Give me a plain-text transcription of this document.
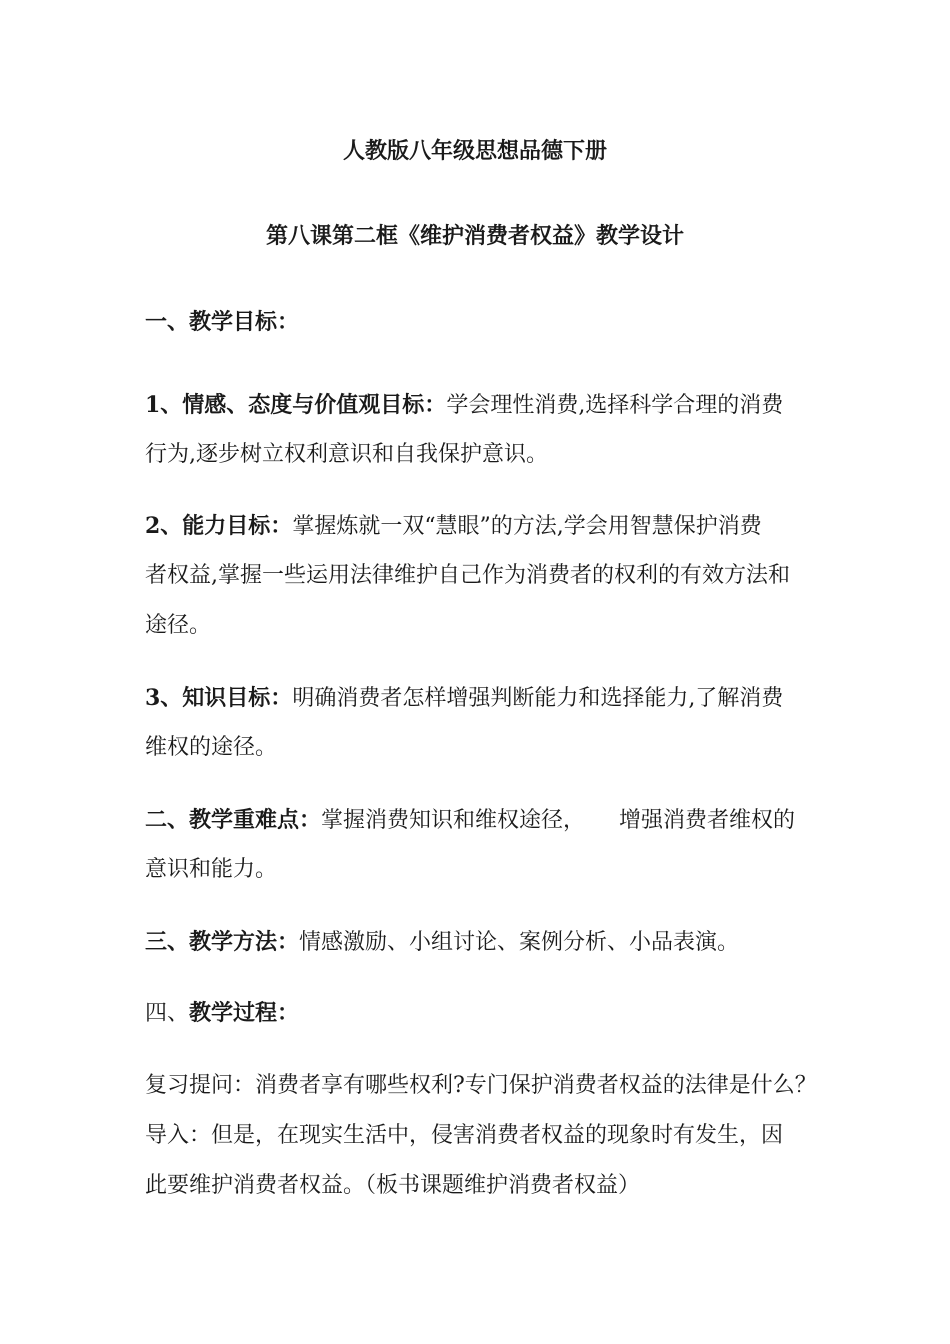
人教版八年级思想品德下册
第八课第二框《维护消费者权益》教学设计
一、教学目标：
1、情感、态度与价值观目标：学会理性消费,选择科学合理的消费
行为,逐步树立权利意识和自我保护意识。
2、能力目标：掌握炼就一双“慧眼”的方法,学会用智慧保护消费
者权益,掌握一些运用法律维护自己作为消费者的权利的有效方法和
途径。
3、知识目标：明确消费者怎样增强判断能力和选择能力,了解消费
维权的途径。
二、教学重难点：掌握消费知识和维权途径， 增强消费者维权的
意识和能力。
三、教学方法：情感激励、小组讨论、案例分析、小品表演。
四、教学过程：
复习提问：消费者享有哪些权利?专门保护消费者权益的法律是什么？
导入：但是，在现实生活中，侵害消费者权益的现象时有发生，因
此要维护消费者权益。（板书课题维护消费者权益）
